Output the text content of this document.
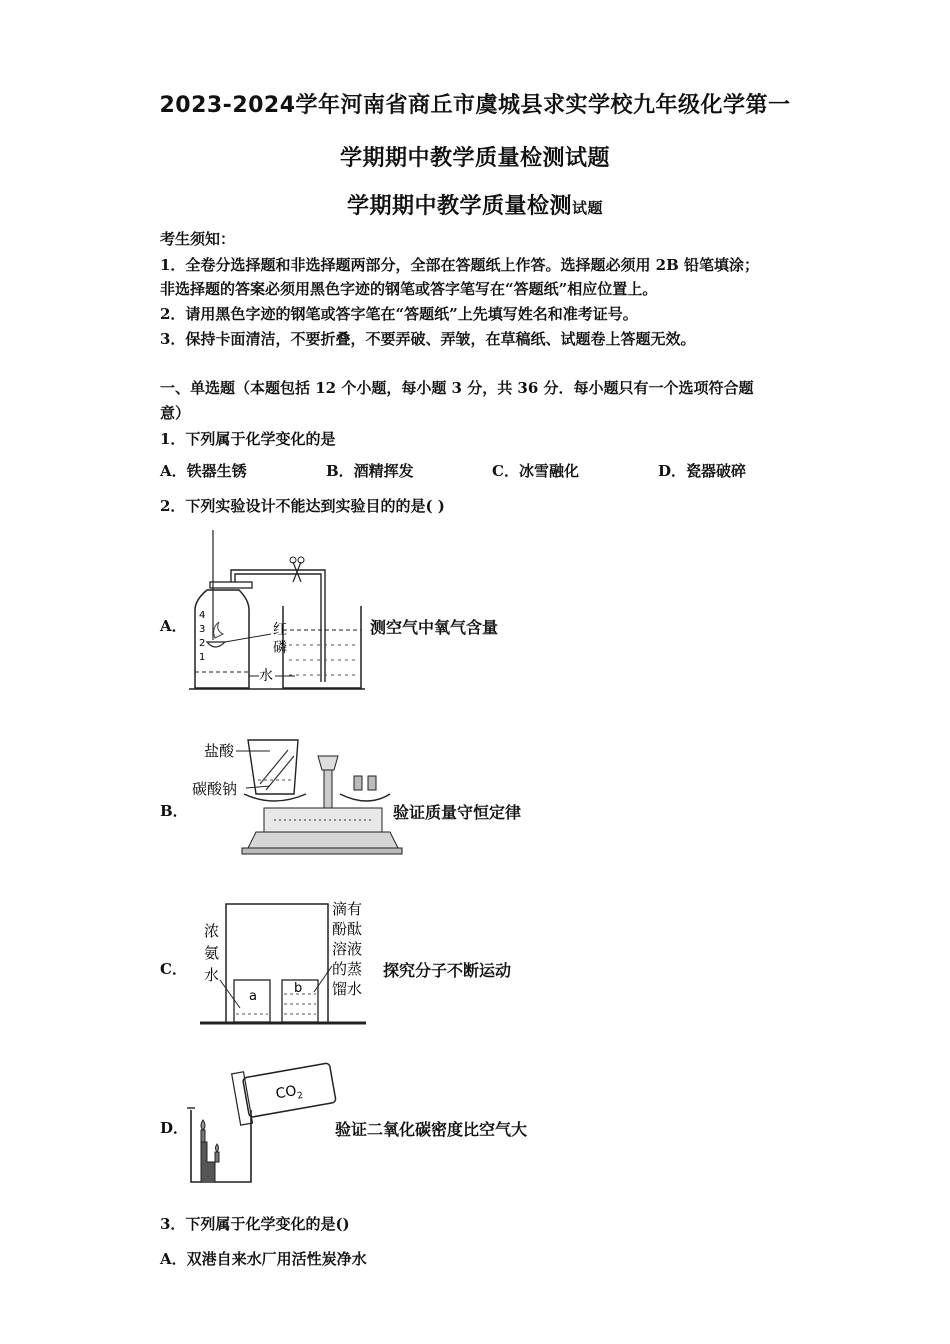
2023-2024学年河南省商丘市虞城县求实学校九年级化学第一
学期期中教学质量检测试题
学期期中教学质量检测试题
考生须知：
1．全卷分选择题和非选择题两部分，全部在答题纸上作答。选择题必须用 2B 铅笔填涂；
非选择题的答案必须用黑色字迹的钢笔或答字笔写在“答题纸”相应位置上。
2．请用黑色字迹的钢笔或答字笔在“答题纸”上先填写姓名和准考证号。
3．保持卡面清洁，不要折叠，不要弄破、弄皱，在草稿纸、试题卷上答题无效。
一、单选题（本题包括 12 个小题，每小题 3 分，共 36 分．每小题只有一个选项符合题
意）
1．下列属于化学变化的是
A．铁器生锈	B．酒精挥发	C．冰雪融化	D．瓷器破碎
2．下列实验设计不能达到实验目的的是( )
A．
4
3
2
1
红
磷
水
测空气中氧气含量
B．
盐酸
碳酸钠
验证质量守恒定律
C．
a
b
浓
氨
水
滴有
酚酞
溶液
的蒸
馏水
探究分子不断运动
D．
$CO_2$
验证二氧化碳密度比空气大
3．下列属于化学变化的是()
A．双港自来水厂用活性炭净水
